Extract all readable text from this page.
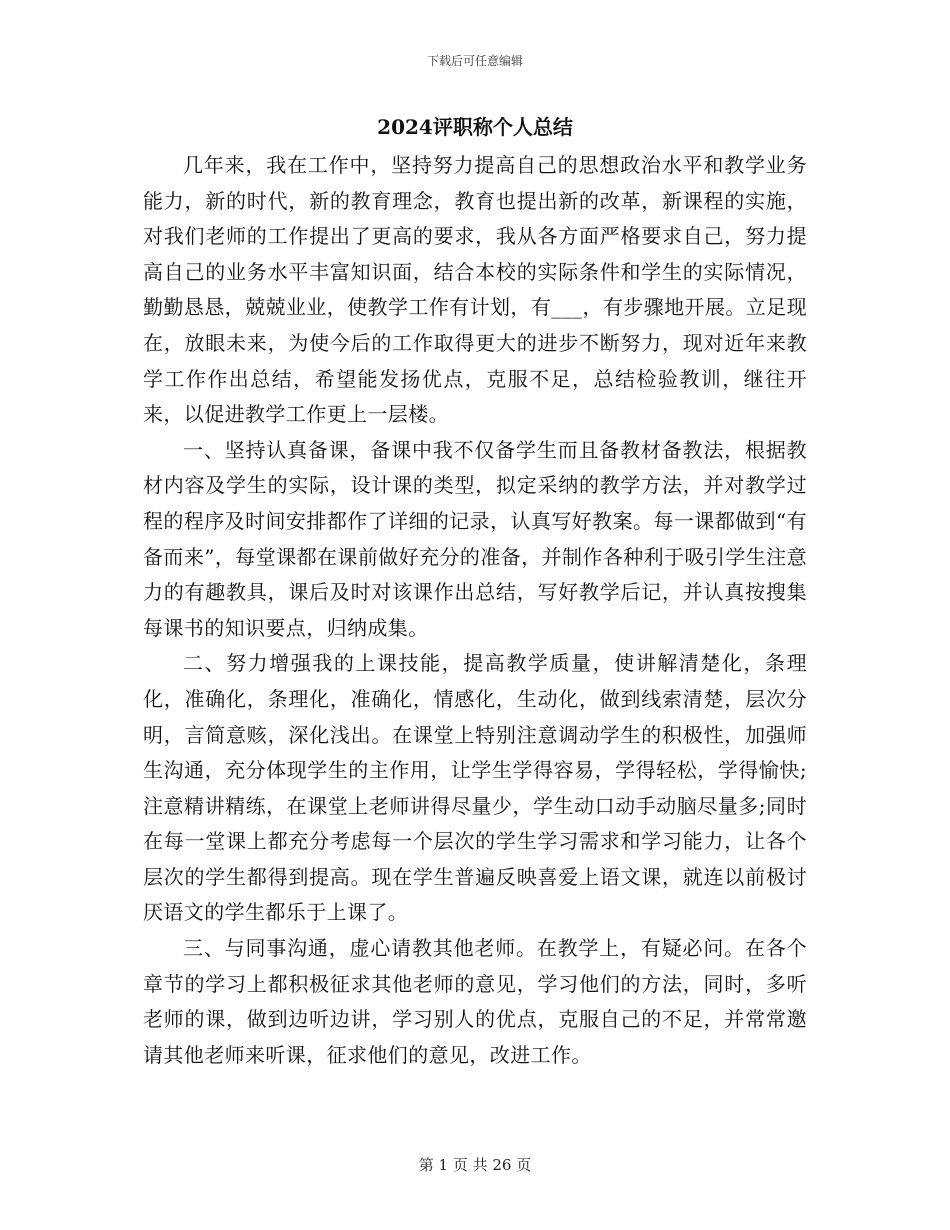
下载后可任意编辑
2024评职称个人总结

几年来，我在工作中，坚持努力提高自己的思想政治水平和教学业务能力，新的时代，新的教育理念，教育也提出新的改革，新课程的实施，对我们老师的工作提出了更高的要求，我从各方面严格要求自己，努力提高自己的业务水平丰富知识面，结合本校的实际条件和学生的实际情况，勤勤恳恳，兢兢业业，使教学工作有计划，有___，有步骤地开展。立足现在，放眼未来，为使今后的工作取得更大的进步不断努力，现对近年来教学工作作出总结，希望能发扬优点，克服不足，总结检验教训，继往开来，以促进教学工作更上一层楼。

一、坚持认真备课，备课中我不仅备学生而且备教材备教法，根据教材内容及学生的实际，设计课的类型，拟定采纳的教学方法，并对教学过程的程序及时间安排都作了详细的记录，认真写好教案。每一课都做到“有备而来”，每堂课都在课前做好充分的准备，并制作各种利于吸引学生注意力的有趣教具，课后及时对该课作出总结，写好教学后记，并认真按搜集每课书的知识要点，归纳成集。

二、努力增强我的上课技能，提高教学质量，使讲解清楚化，条理化，准确化，条理化，准确化，情感化，生动化，做到线索清楚，层次分明，言简意赅，深化浅出。在课堂上特别注意调动学生的积极性，加强师生沟通，充分体现学生的主作用，让学生学得容易，学得轻松，学得愉快;注意精讲精练，在课堂上老师讲得尽量少，学生动口动手动脑尽量多;同时在每一堂课上都充分考虑每一个层次的学生学习需求和学习能力，让各个层次的学生都得到提高。现在学生普遍反映喜爱上语文课，就连以前极讨厌语文的学生都乐于上课了。

三、与同事沟通，虚心请教其他老师。在教学上，有疑必问。在各个章节的学习上都积极征求其他老师的意见，学习他们的方法，同时，多听老师的课，做到边听边讲，学习别人的优点，克服自己的不足，并常常邀请其他老师来听课，征求他们的意见，改进工作。

第 1 页 共 26 页
